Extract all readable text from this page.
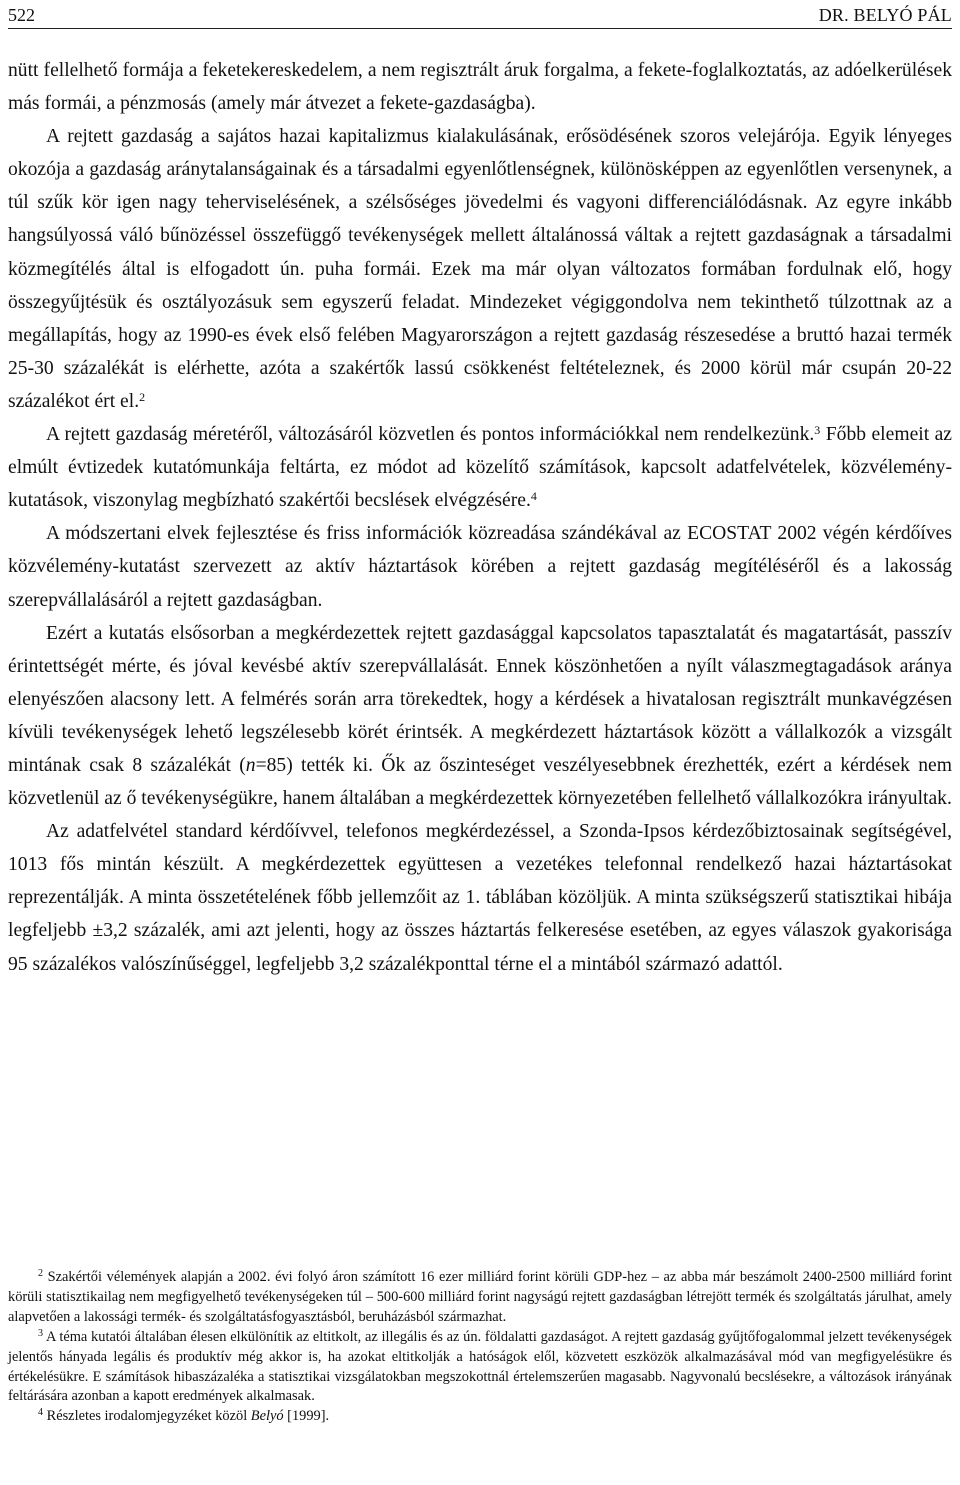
522	DR. BELYÓ PÁL

nütt fellelhető formája a feketekereskedelem, a nem regisztrált áruk forgalma, a fekete-foglalkoztatás, az adóelkerülések más formái, a pénzmosás (amely már átvezet a fekete-gazdaságba).

A rejtett gazdaság a sajátos hazai kapitalizmus kialakulásának, erősödésének szoros velejárója. Egyik lényeges okozója a gazdaság aránytalanságainak és a társadalmi egyenlőtlenségnek, különösképpen az egyenlőtlen versenynek, a túl szűk kör igen nagy teherviselésének, a szélsőséges jövedelmi és vagyoni differenciálódásnak. Az egyre inkább hangsúlyossá váló bűnözéssel összefüggő tevékenységek mellett általánossá váltak a rejtett gazdaságnak a társadalmi közmegítélés által is elfogadott ún. puha formái. Ezek ma már olyan változatos formában fordulnak elő, hogy összegyűjtésük és osztályozásuk sem egyszerű feladat. Mindezeket végiggondolva nem tekinthető túlzottnak az a megállapítás, hogy az 1990-es évek első felében Magyarországon a rejtett gazdaság részesedése a bruttó hazai termék 25-30 százalékát is elérhette, azóta a szakértők lassú csökkenést feltételeznek, és 2000 körül már csupán 20-22 százalékot ért el.$^2$

A rejtett gazdaság méretéről, változásáról közvetlen és pontos információkkal nem rendelkezünk.$^3$ Főbb elemeit az elmúlt évtizedek kutatómunkája feltárta, ez módot ad közelítő számítások, kapcsolt adatfelvételek, közvélemény-kutatások, viszonylag megbízható szakértői becslések elvégzésére.$^4$

A módszertani elvek fejlesztése és friss információk közreadása szándékával az ECOSTAT 2002 végén kérdőíves közvélemény-kutatást szervezett az aktív háztartások körében a rejtett gazdaság megítéléséről és a lakosság szerepvállalásáról a rejtett gazdaságban.

Ezért a kutatás elsősorban a megkérdezettek rejtett gazdasággal kapcsolatos tapasztalatát és magatartását, passzív érintettségét mérte, és jóval kevésbé aktív szerepvállalását. Ennek köszönhetően a nyílt válaszmegtagadások aránya elenyészően alacsony lett. A felmérés során arra törekedtek, hogy a kérdések a hivatalosan regisztrált munkavégzésen kívüli tevékenységek lehető legszélesebb körét érintsék. A megkérdezett háztartások között a vállalkozók a vizsgált mintának csak 8 százalékát (n=85) tették ki. Ők az őszinteséget veszélyesebbnek érezhették, ezért a kérdések nem közvetlenül az ő tevékenységükre, hanem általában a megkérdezettek környezetében fellelhető vállalkozókra irányultak.

Az adatfelvétel standard kérdőívvel, telefonos megkérdezéssel, a Szonda-Ipsos kérdezőbiztosainak segítségével, 1013 fős mintán készült. A megkérdezettek együttesen a vezetékes telefonnal rendelkező hazai háztartásokat reprezentálják. A minta összetételének főbb jellemzőit az 1. táblában közöljük. A minta szükségszerű statisztikai hibája legfeljebb ±3,2 százalék, ami azt jelenti, hogy az összes háztartás felkeresése esetében, az egyes válaszok gyakorisága 95 százalékos valószínűséggel, legfeljebb 3,2 százalékponttal térne el a mintából származó adattól.

$^2$ Szakértői vélemények alapján a 2002. évi folyó áron számított 16 ezer milliárd forint körüli GDP-hez – az abba már beszámolt 2400-2500 milliárd forint körüli statisztikailag nem megfigyelhető tevékenységeken túl – 500-600 milliárd forint nagyságú rejtett gazdaságban létrejött termék és szolgáltatás járulhat, amely alapvetően a lakossági termék- és szolgáltatásfogyasztásból, beruházásból származhat.

$^3$ A téma kutatói általában élesen elkülönítik az eltitkolt, az illegális és az ún. földalatti gazdaságot. A rejtett gazdaság gyűjtőfogalommal jelzett tevékenységek jelentős hányada legális és produktív még akkor is, ha azokat eltitkolják a hatóságok elől, közvetett eszközök alkalmazásával mód van megfigyelésükre és értékelésükre. E számítások hibaszázaléka a statisztikai vizsgálatokban megszokottnál értelemszerűen magasabb. Nagyvonalú becslésekre, a változások irányának feltárására azonban a kapott eredmények alkalmasak.

$^4$ Részletes irodalomjegyzéket közöl Belyó [1999].
